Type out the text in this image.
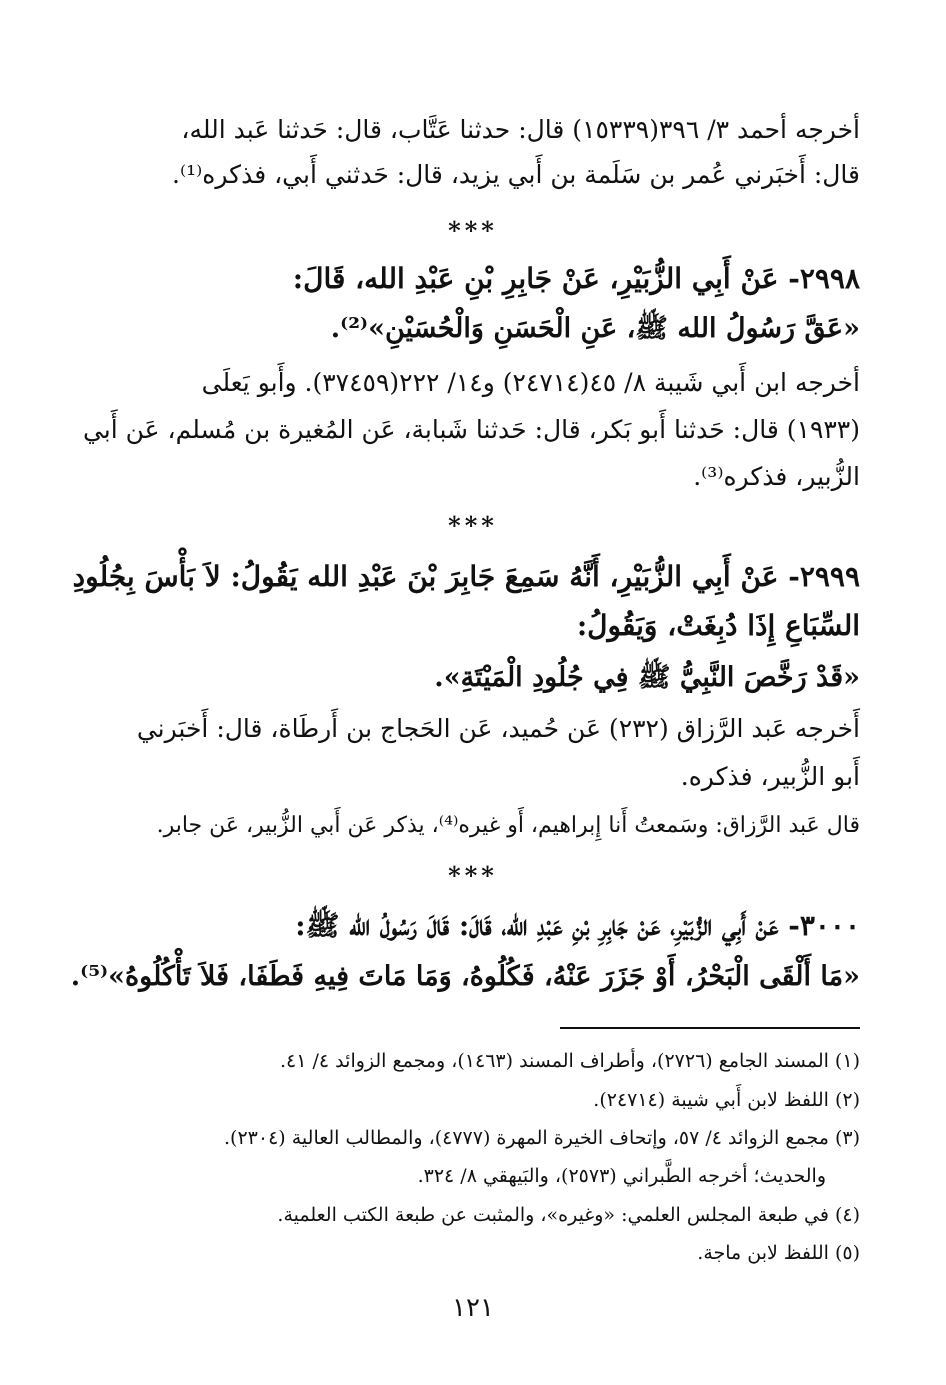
أخرجه أحمد ٣/ ٣٩٦(١٥٣٣٩) قال: حدثنا عَتَّاب، قال: حَدثنا عَبد الله،
قال: أَخبَرني عُمر بن سَلَمة بن أَبي يزيد، قال: حَدثني أَبي، فذكره⁽¹⁾.
***
٢٩٩٨- عَنْ أَبِي الزُّبَيْرِ، عَنْ جَابِرِ بْنِ عَبْدِ الله، قَالَ:
«عَقَّ رَسُولُ الله ﷺ، عَنِ الْحَسَنِ وَالْحُسَيْنِ»⁽²⁾.
أخرجه ابن أَبي شَيبة ٨/ ٤٥(٢٤٧١٤) و١٤/ ٢٢٢(٣٧٤٥٩). وأَبو يَعلَى
(١٩٣٣) قال: حَدثنا أَبو بَكر، قال: حَدثنا شَبابة، عَن المُغيرة بن مُسلم، عَن أَبي
الزُّبير، فذكره⁽³⁾.
***
٢٩٩٩- عَنْ أَبِي الزُّبَيْرِ، أَنَّهُ سَمِعَ جَابِرَ بْنَ عَبْدِ الله يَقُولُ: لاَ بَأْسَ بِجُلُودِ
السِّبَاعِ إِذَا دُبِغَتْ، وَيَقُولُ:
«قَدْ رَخَّصَ النَّبِيُّ ﷺ فِي جُلُودِ الْمَيْتَةِ».
أَخرجه عَبد الرَّزاق (٢٣٢) عَن حُميد، عَن الحَجاج بن أَرطَاة، قال: أَخبَرني
أَبو الزُّبير، فذكره.
قال عَبد الرَّزاق: وسَمعتُ أَنا إِبراهيم، أَو غيره⁽⁴⁾، يذكر عَن أَبي الزُّبير، عَن جابر.
***
٣٠٠٠- عَنْ أَبِي الزُّبَيْرِ، عَنْ جَابِرِ بْنِ عَبْدِ الله، قَالَ: قَالَ رَسُولُ الله ﷺ:
«مَا أَلْقَى الْبَحْرُ، أَوْ جَزَرَ عَنْهُ، فَكُلُوهُ، وَمَا مَاتَ فِيهِ فَطَفَا، فَلاَ تَأْكُلُوهُ»⁽⁵⁾.
(١) المسند الجامع (٢٧٢٦)، وأطراف المسند (١٤٦٣)، ومجمع الزوائد ٤/ ٤١.
(٢) اللفظ لابن أَبي شيبة (٢٤٧١٤).
(٣) مجمع الزوائد ٤/ ٥٧، وإتحاف الخيرة المهرة (٤٧٧٧)، والمطالب العالية (٢٣٠٤).
والحديث؛ أخرجه الطَّبراني (٢٥٧٣)، والبَيهقي ٨/ ٣٢٤.
(٤) في طبعة المجلس العلمي: «وغيره»، والمثبت عن طبعة الكتب العلمية.
(٥) اللفظ لابن ماجة.
١٢١
